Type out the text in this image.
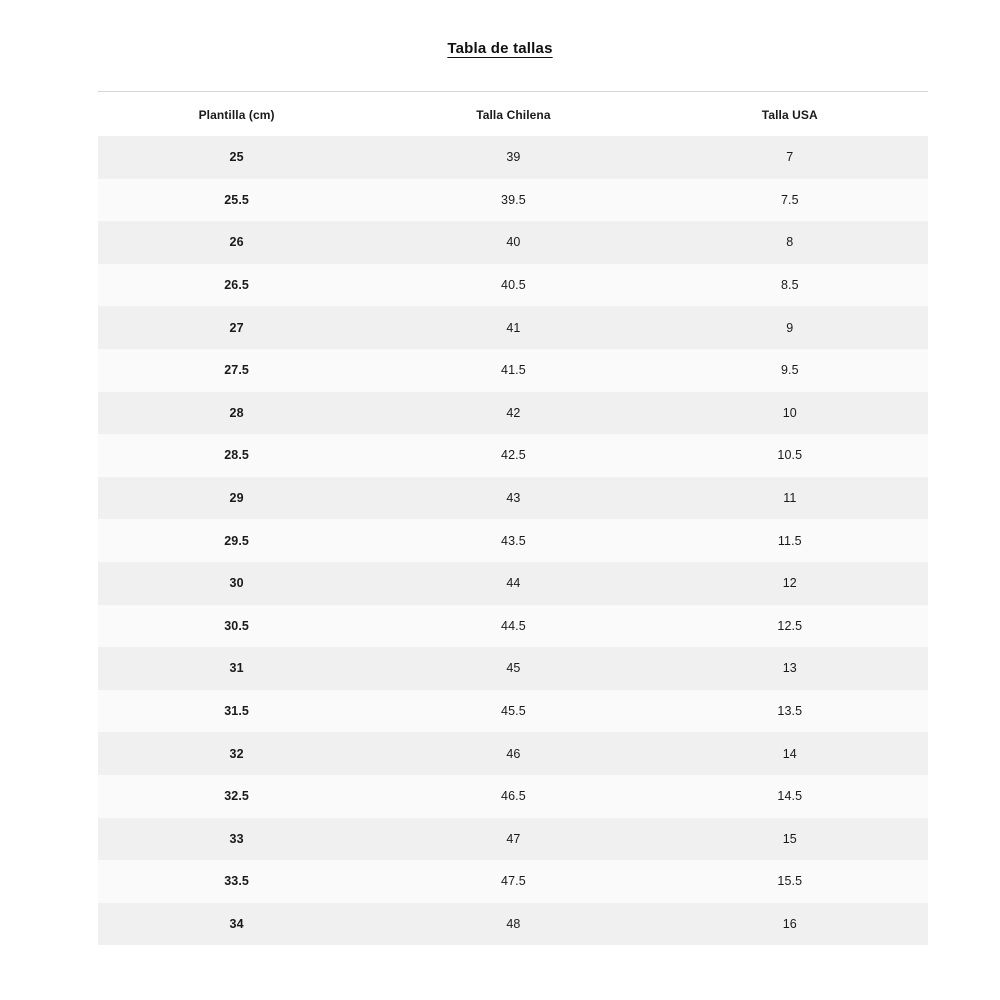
Tabla de tallas
Plantilla (cm)	Talla Chilena	Talla USA
25	39	7
25.5	39.5	7.5
26	40	8
26.5	40.5	8.5
27	41	9
27.5	41.5	9.5
28	42	10
28.5	42.5	10.5
29	43	11
29.5	43.5	11.5
30	44	12
30.5	44.5	12.5
31	45	13
31.5	45.5	13.5
32	46	14
32.5	46.5	14.5
33	47	15
33.5	47.5	15.5
34	48	16
